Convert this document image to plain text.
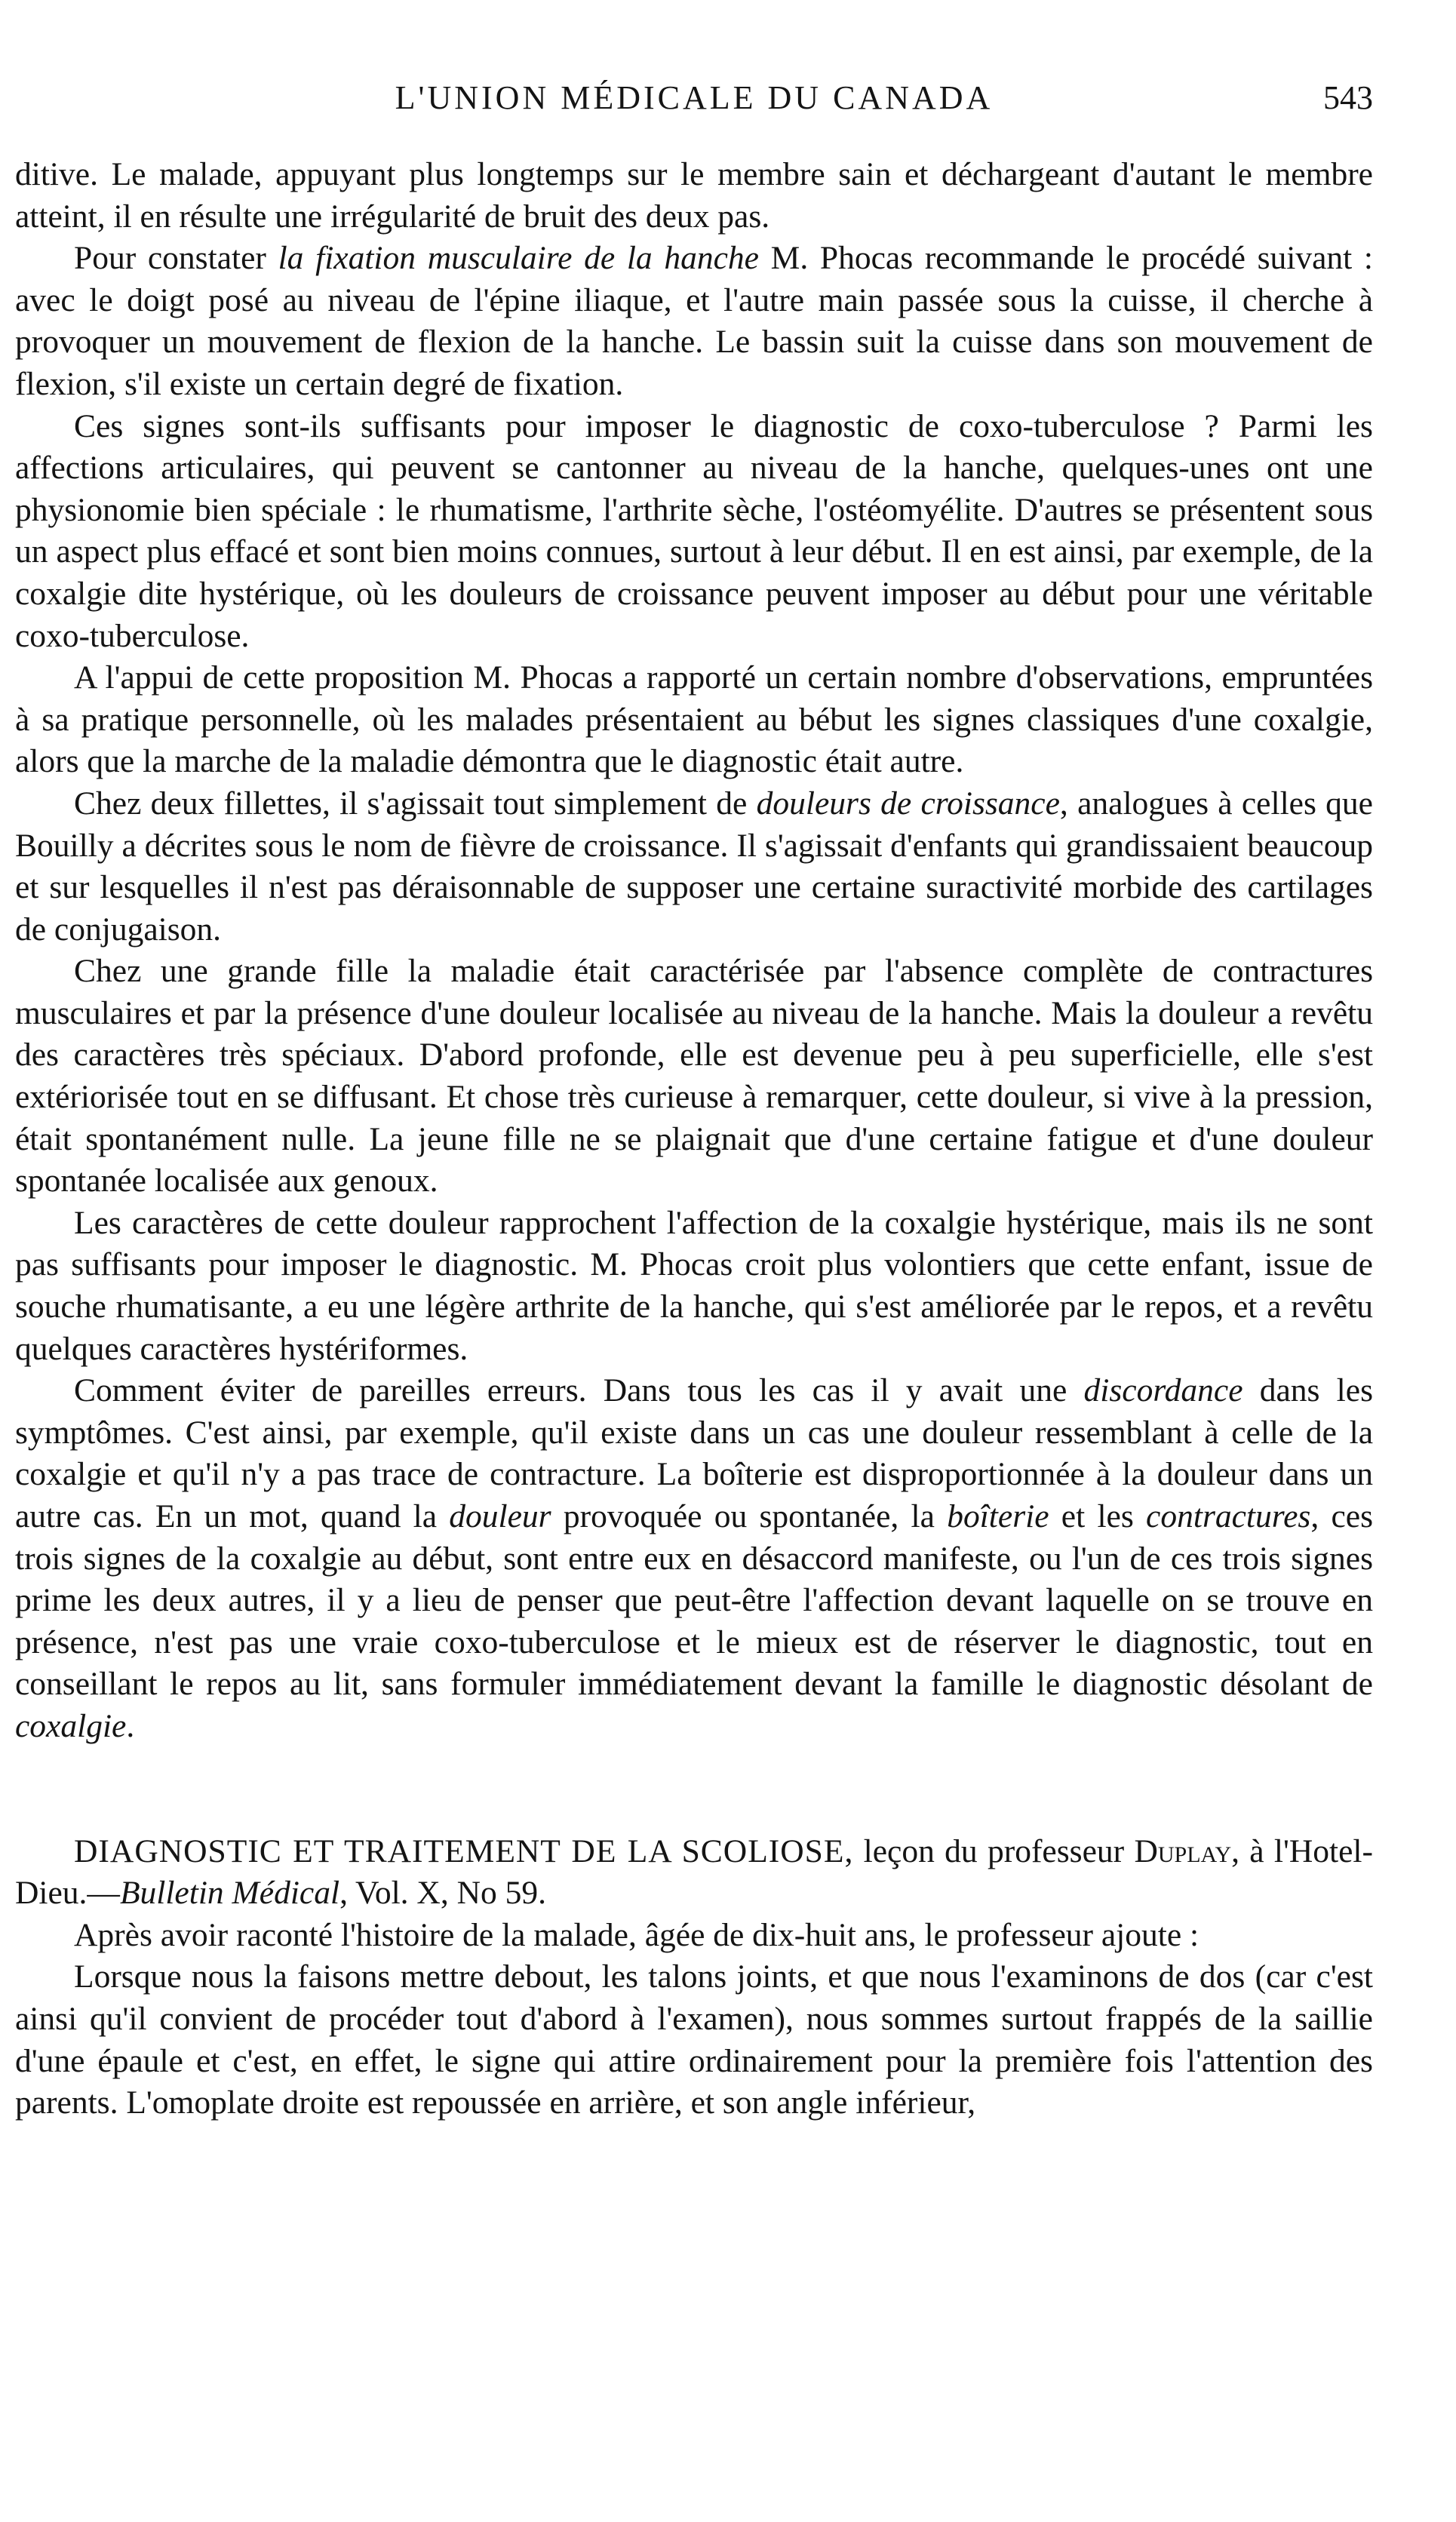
L'UNION MÉDICALE DU CANADA	543

ditive. Le malade, appuyant plus longtemps sur le membre sain et déchargeant d'autant le membre atteint, il en résulte une irrégularité de bruit des deux pas.

Pour constater la fixation musculaire de la hanche M. Phocas recommande le procédé suivant : avec le doigt posé au niveau de l'épine iliaque, et l'autre main passée sous la cuisse, il cherche à provoquer un mouvement de flexion de la hanche. Le bassin suit la cuisse dans son mouvement de flexion, s'il existe un certain degré de fixation.

Ces signes sont-ils suffisants pour imposer le diagnostic de coxo-tuberculose ? Parmi les affections articulaires, qui peuvent se cantonner au niveau de la hanche, quelques-unes ont une physionomie bien spéciale : le rhumatisme, l'arthrite sèche, l'ostéomyélite. D'autres se présentent sous un aspect plus effacé et sont bien moins connues, surtout à leur début. Il en est ainsi, par exemple, de la coxalgie dite hystérique, où les douleurs de croissance peuvent imposer au début pour une véritable coxo-tuberculose.

A l'appui de cette proposition M. Phocas a rapporté un certain nombre d'observations, empruntées à sa pratique personnelle, où les malades présentaient au bébut les signes classiques d'une coxalgie, alors que la marche de la maladie démontra que le diagnostic était autre.

Chez deux fillettes, il s'agissait tout simplement de douleurs de croissance, analogues à celles que Bouilly a décrites sous le nom de fièvre de croissance. Il s'agissait d'enfants qui grandissaient beaucoup et sur lesquelles il n'est pas déraisonnable de supposer une certaine suractivité morbide des cartilages de conjugaison.

Chez une grande fille la maladie était caractérisée par l'absence complète de contractures musculaires et par la présence d'une douleur localisée au niveau de la hanche. Mais la douleur a revêtu des caractères très spéciaux. D'abord profonde, elle est devenue peu à peu superficielle, elle s'est extériorisée tout en se diffusant. Et chose très curieuse à remarquer, cette douleur, si vive à la pression, était spontanément nulle. La jeune fille ne se plaignait que d'une certaine fatigue et d'une douleur spontanée localisée aux genoux.

Les caractères de cette douleur rapprochent l'affection de la coxalgie hystérique, mais ils ne sont pas suffisants pour imposer le diagnostic. M. Phocas croit plus volontiers que cette enfant, issue de souche rhumatisante, a eu une légère arthrite de la hanche, qui s'est améliorée par le repos, et a revêtu quelques caractères hystériformes.

Comment éviter de pareilles erreurs. Dans tous les cas il y avait une discordance dans les symptômes. C'est ainsi, par exemple, qu'il existe dans un cas une douleur ressemblant à celle de la coxalgie et qu'il n'y a pas trace de contracture. La boîterie est disproportionnée à la douleur dans un autre cas. En un mot, quand la douleur provoquée ou spontanée, la boîterie et les contractures, ces trois signes de la coxalgie au début, sont entre eux en désaccord manifeste, ou l'un de ces trois signes prime les deux autres, il y a lieu de penser que peut-être l'affection devant laquelle on se trouve en présence, n'est pas une vraie coxo-tuberculose et le mieux est de réserver le diagnostic, tout en conseillant le repos au lit, sans formuler immédiatement devant la famille le diagnostic désolant de coxalgie.

DIAGNOSTIC ET TRAITEMENT DE LA SCOLIOSE, leçon du professeur Duplay, à l'Hotel-Dieu.—Bulletin Médical, Vol. X, No 59.

Après avoir raconté l'histoire de la malade, âgée de dix-huit ans, le professeur ajoute :

Lorsque nous la faisons mettre debout, les talons joints, et que nous l'examinons de dos (car c'est ainsi qu'il convient de procéder tout d'abord à l'examen), nous sommes surtout frappés de la saillie d'une épaule et c'est, en effet, le signe qui attire ordinairement pour la première fois l'attention des parents. L'omoplate droite est repoussée en arrière, et son angle inférieur,
